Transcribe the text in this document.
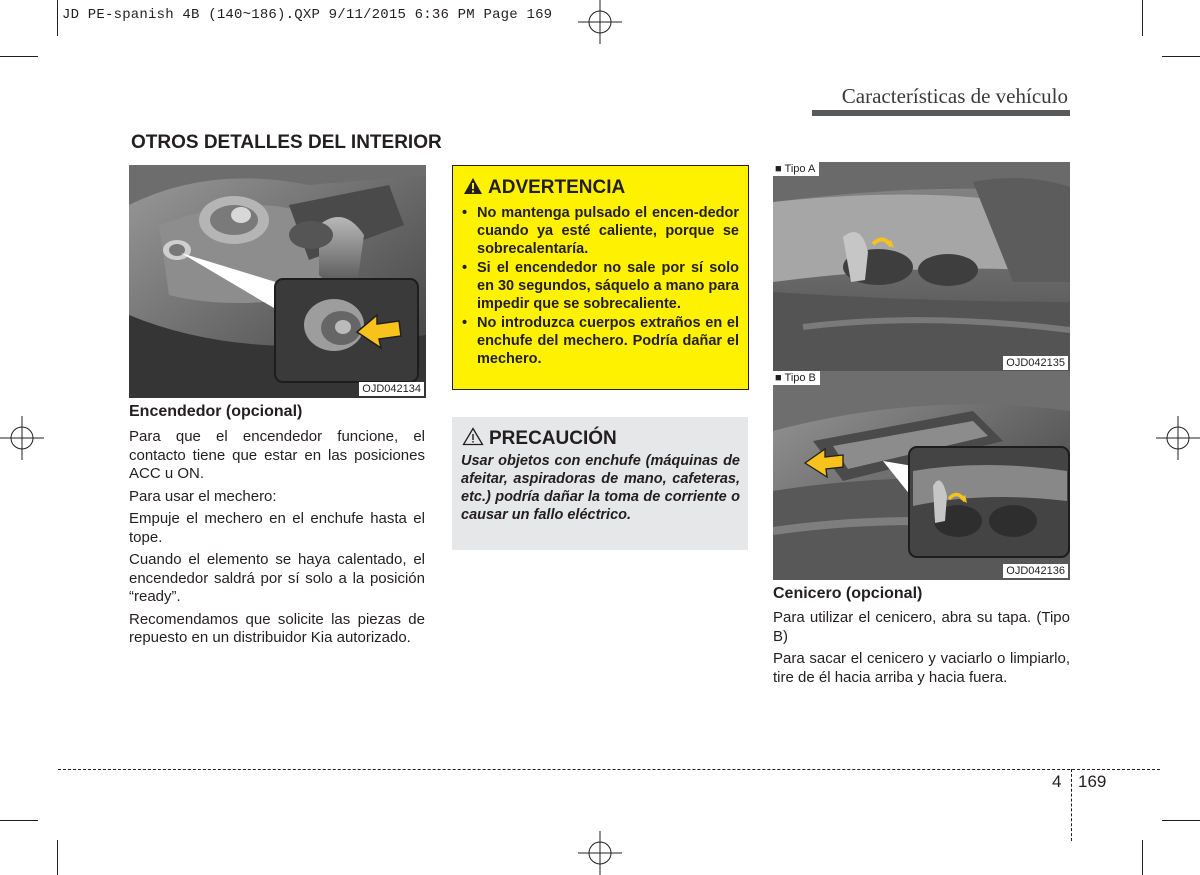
JD PE-spanish 4B (140~186).QXP 9/11/2015 6:36 PM Page 169
Características de vehículo
OTROS DETALLES DEL INTERIOR
OJD042134
Encendedor (opcional)

Para que el encendedor funcione, el contacto tiene que estar en las posiciones ACC u ON.

Para usar el mechero:

Empuje el mechero en el enchufe hasta el tope.

Cuando el elemento se haya calentado, el encendedor saldrá por sí solo a la posición “ready”.

Recomendamos que solicite las piezas de repuesto en un distribuidor Kia autorizado.

ADVERTENCIA
• No mantenga pulsado el encen-dedor cuando ya esté caliente, porque se sobrecalentaría.
• Si el encendedor no sale por sí solo en 30 segundos, sáquelo a mano para impedir que se sobrecaliente.
• No introduzca cuerpos extraños en el enchufe del mechero. Podría dañar el mechero.
PRECAUCIÓN

Usar objetos con enchufe (máquinas de afeitar, aspiradoras de mano, cafeteras, etc.) podría dañar la toma de corriente o causar un fallo eléctrico.

■ Tipo A
OJD042135
■ Tipo B
OJD042136
Cenicero (opcional)

Para utilizar el cenicero, abra su tapa. (Tipo B)

Para sacar el cenicero y vaciarlo o limpiarlo, tire de él hacia arriba y hacia fuera.

4 169
